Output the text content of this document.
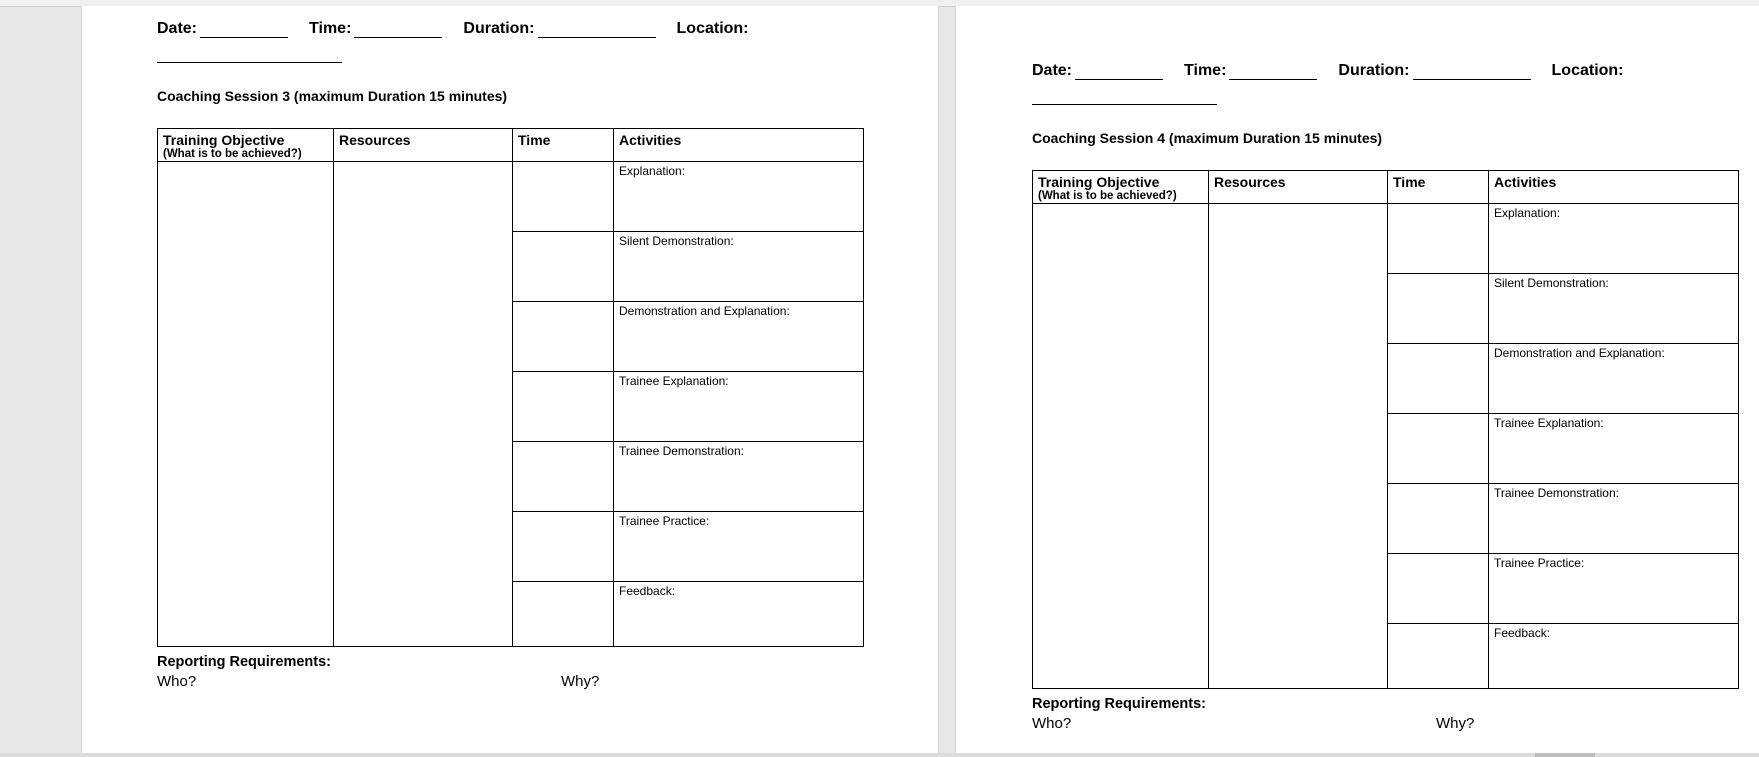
Date:	Time:	Duration:	Location:
Coaching Session 3 (maximum Duration 15 minutes)
Training Objective
(What is to be achieved?)	Resources	Time	Activities
			Explanation:
			Silent Demonstration:
			Demonstration and Explanation:
			Trainee Explanation:
			Trainee Demonstration:
			Trainee Practice:
			Feedback:
Reporting Requirements:
Who?	Why?
Date:	Time:	Duration:	Location:
Coaching Session 4 (maximum Duration 15 minutes)
Training Objective
(What is to be achieved?)	Resources	Time	Activities
			Explanation:
			Silent Demonstration:
			Demonstration and Explanation:
			Trainee Explanation:
			Trainee Demonstration:
			Trainee Practice:
			Feedback:
Reporting Requirements:
Who?	Why?
